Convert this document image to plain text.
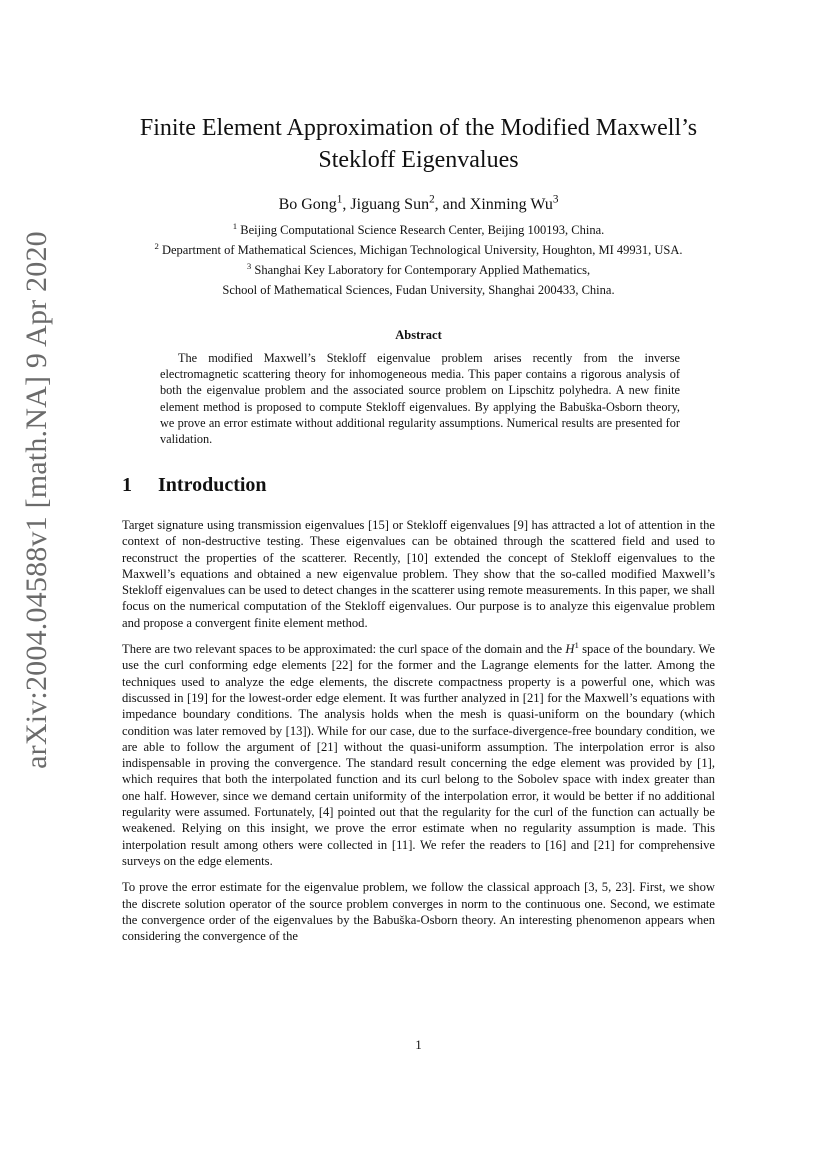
arXiv:2004.04588v1 [math.NA] 9 Apr 2020
Finite Element Approximation of the Modified Maxwell’s
Stekloff Eigenvalues
Bo Gong$^1$, Jiguang Sun$^2$, and Xinming Wu$^3$
$^1$ Beijing Computational Science Research Center, Beijing 100193, China.
$^2$ Department of Mathematical Sciences, Michigan Technological University, Houghton, MI 49931, USA.
$^3$ Shanghai Key Laboratory for Contemporary Applied Mathematics,
School of Mathematical Sciences, Fudan University, Shanghai 200433, China.
Abstract
The modified Maxwell’s Stekloff eigenvalue problem arises recently from the inverse electromagnetic scattering theory for inhomogeneous media. This paper contains a rigorous analysis of both the eigenvalue problem and the associated source problem on Lipschitz polyhedra. A new finite element method is proposed to compute Stekloff eigenvalues. By applying the Babuška-Osborn theory, we prove an error estimate without additional regularity assumptions. Numerical results are presented for validation.
1 Introduction

Target signature using transmission eigenvalues [15] or Stekloff eigenvalues [9] has attracted a lot of attention in the context of non-destructive testing. These eigenvalues can be obtained through the scattered field and used to reconstruct the properties of the scatterer. Recently, [10] extended the concept of Stekloff eigenvalues to the Maxwell’s equations and obtained a new eigenvalue problem. They show that the so-called modified Maxwell’s Stekloff eigenvalues can be used to detect changes in the scatterer using remote measurements. In this paper, we shall focus on the numerical computation of the Stekloff eigenvalues. Our purpose is to analyze this eigenvalue problem and propose a convergent finite element method.

There are two relevant spaces to be approximated: the curl space of the domain and the $H^1$ space of the boundary. We use the curl conforming edge elements [22] for the former and the Lagrange elements for the latter. Among the techniques used to analyze the edge elements, the discrete compactness property is a powerful one, which was discussed in [19] for the lowest-order edge element. It was further analyzed in [21] for the Maxwell’s equations with impedance boundary conditions. The analysis holds when the mesh is quasi-uniform on the boundary (which condition was later removed by [13]). While for our case, due to the surface-divergence-free boundary condition, we are able to follow the argument of [21] without the quasi-uniform assumption. The interpolation error is also indispensable in proving the convergence. The standard result concerning the edge element was provided by [1], which requires that both the interpolated function and its curl belong to the Sobolev space with index greater than one half. However, since we demand certain uniformity of the interpolation error, it would be better if no additional regularity were assumed. Fortunately, [4] pointed out that the regularity for the curl of the function can actually be weakened. Relying on this insight, we prove the error estimate when no regularity assumption is made. This interpolation result among others were collected in [11]. We refer the readers to [16] and [21] for comprehensive surveys on the edge elements.

To prove the error estimate for the eigenvalue problem, we follow the classical approach [3, 5, 23]. First, we show the discrete solution operator of the source problem converges in norm to the continuous one. Second, we estimate the convergence order of the eigenvalues by the Babuška-Osborn theory. An interesting phenomenon appears when considering the convergence of the

1
